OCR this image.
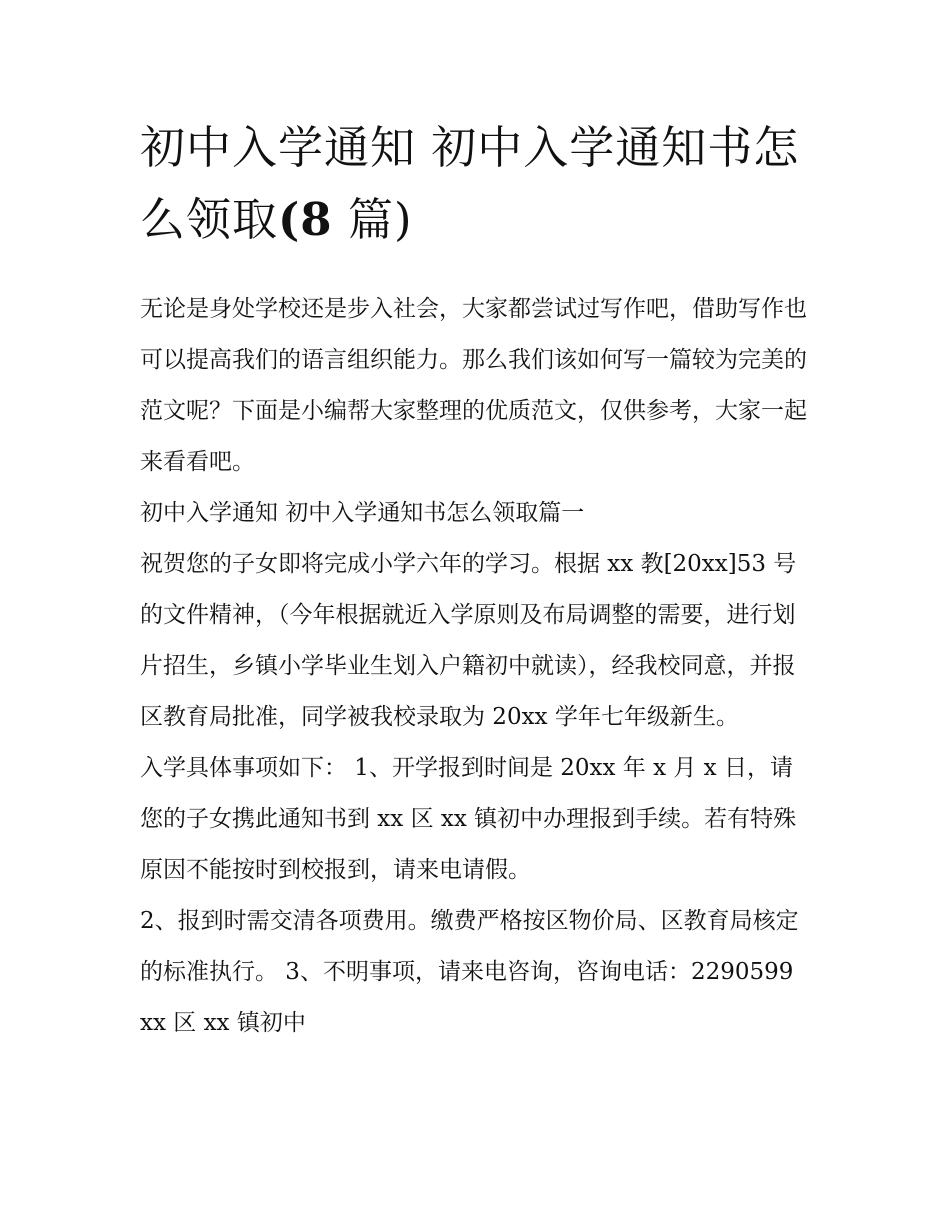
初中入学通知 初中入学通知书怎么领取(8 篇)

无论是身处学校还是步入社会，大家都尝试过写作吧，借助写作也可以提高我们的语言组织能力。那么我们该如何写一篇较为完美的范文呢？下面是小编帮大家整理的优质范文，仅供参考，大家一起来看看吧。

初中入学通知 初中入学通知书怎么领取篇一

祝贺您的子女即将完成小学六年的学习。根据 xx 教[20xx]53 号的文件精神，（今年根据就近入学原则及布局调整的需要，进行划片招生，乡镇小学毕业生划入户籍初中就读），经我校同意，并报区教育局批准，同学被我校录取为 20xx 学年七年级新生。

入学具体事项如下： 1、开学报到时间是 20xx 年 x 月 x 日，请您的子女携此通知书到 xx 区 xx 镇初中办理报到手续。若有特殊原因不能按时到校报到，请来电请假。

2、报到时需交清各项费用。缴费严格按区物价局、区教育局核定的标准执行。 3、不明事项，请来电咨询，咨询电话：2290599 xx 区 xx 镇初中
